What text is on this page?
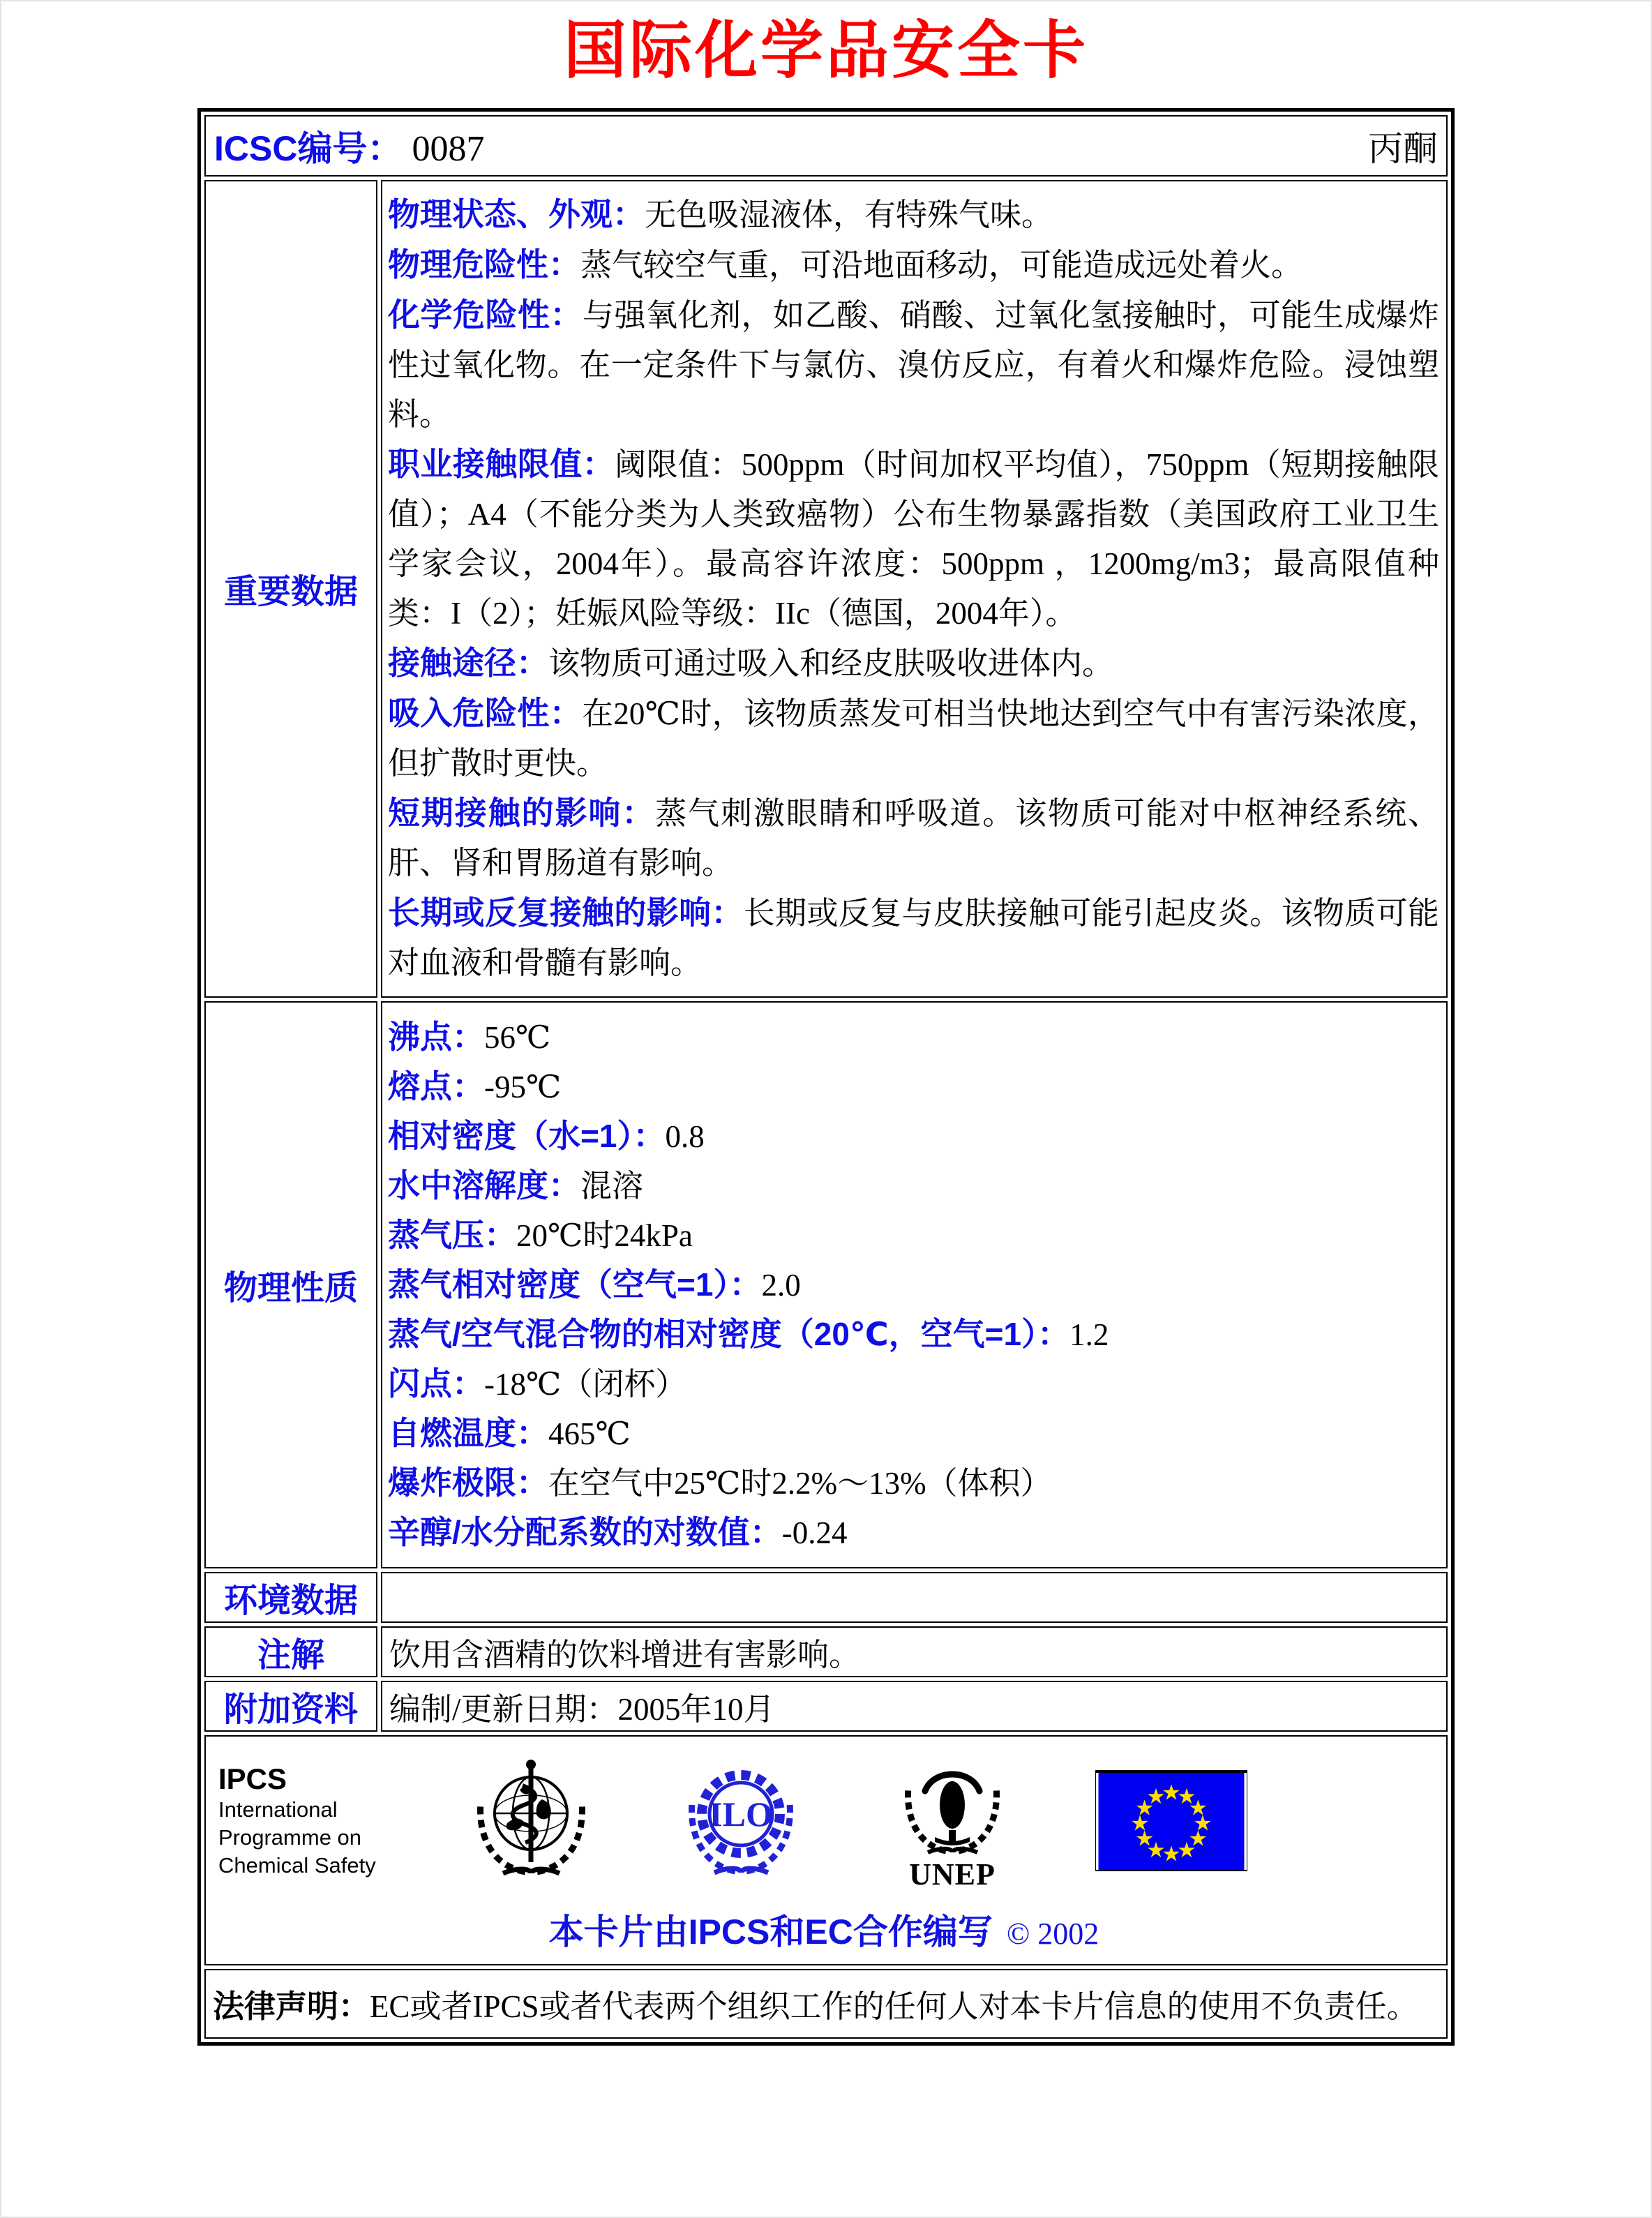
国际化学品安全卡
ICSC编号： 0087 丙酮	

重要数据	

物理状态、外观：无色吸湿液体，有特殊气味。

物理危险性：蒸气较空气重，可沿地面移动，可能造成远处着火。

化学危险性：与强氧化剂，如乙酸、硝酸、过氧化氢接触时，可能生成爆炸性过氧化物。在一定条件下与氯仿、溴仿反应，有着火和爆炸危险。浸蚀塑料。

职业接触限值：阈限值：500ppm（时间加权平均值），750ppm（短期接触限值）；A4（不能分类为人类致癌物）公布生物暴露指数（美国政府工业卫生学家会议，2004年）。最高容许浓度：500ppm ，1200mg/m3；最高限值种类：I（2）；妊娠风险等级：IIc（德国，2004年）。

接触途径：该物质可通过吸入和经皮肤吸收进体内。

吸入危险性：在20℃时，该物质蒸发可相当快地达到空气中有害污染浓度，但扩散时更快。

短期接触的影响：蒸气刺激眼睛和呼吸道。该物质可能对中枢神经系统、肝、肾和胃肠道有影响。

长期或反复接触的影响：长期或反复与皮肤接触可能引起皮炎。该物质可能对血液和骨髓有影响。

物理性质	

沸点：56℃

熔点：-95℃

相对密度（水=1）：0.8

水中溶解度：混溶

蒸气压：20℃时24kPa

蒸气相对密度（空气=1）：2.0

蒸气/空气混合物的相对密度（20℃，空气=1）：1.2

闪点：-18℃（闭杯）

自燃温度：465℃

爆炸极限：在空气中25℃时2.2%～13%（体积）

辛醇/水分配系数的对数值：-0.24

环境数据	
注解	饮用含酒精的饮料增进有害影响。
附加资料	编制/更新日期：2005年10月

IPCS
International
Programme on
Chemical Safety
ILO
UNEP
★
★
★
★
★
★
★
★
★
★
★
★
本卡片由IPCS和EC合作编写 © 2002

法律声明：EC或者IPCS或者代表两个组织工作的任何人对本卡片信息的使用不负责任。	
